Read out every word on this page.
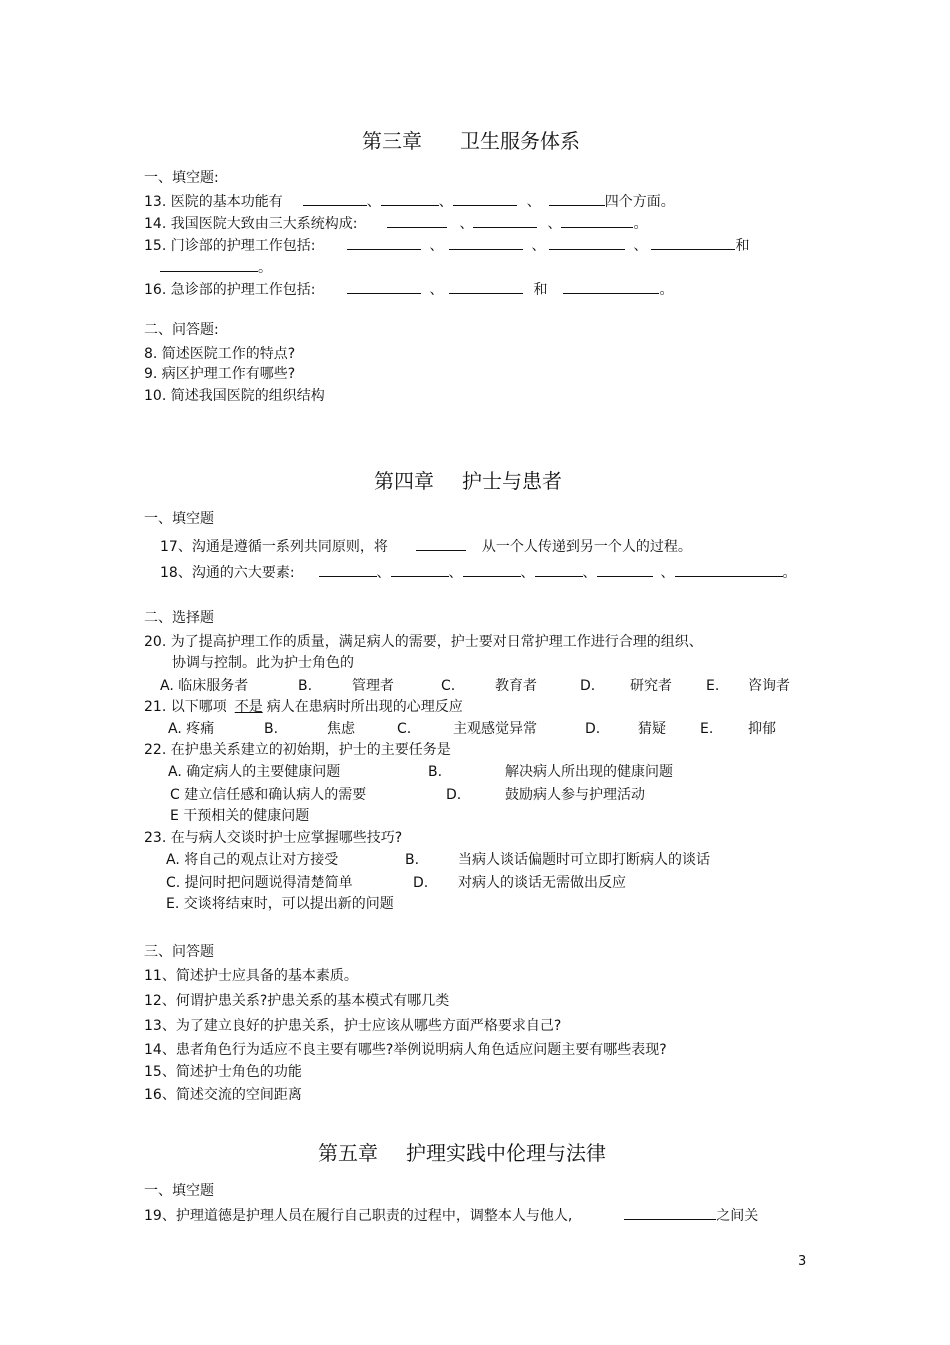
第三章 卫生服务体系
一、填空题:
13. 医院的基本功能有	、	、	、	四个方面。
14. 我国医院大致由三大系统构成:	、	、	。
15. 门诊部的护理工作包括:	、	、	、	和
。
16. 急诊部的护理工作包括:	、	和	。
二、问答题:
8. 简述医院工作的特点?
9. 病区护理工作有哪些?
10. 简述我国医院的组织结构
第四章 护士与患者
一、填空题
17、沟通是遵循一系列共同原则，将	从一个人传递到另一个人的过程。
18、沟通的六大要素:	、	、	、	、	、	。
二、选择题
20. 为了提高护理工作的质量，满足病人的需要，护士要对日常护理工作进行合理的组织、
协调与控制。此为护士角色的
A. 临床服务者	B.	管理者	C.	教育者	D. 研究者 E. 咨询者
21. 以下哪项 不是 病人在患病时所出现的心理反应
A. 疼痛	B.	焦虑	C.	主观感觉异常	D.	猜疑 E. 抑郁
22. 在护患关系建立的初始期，护士的主要任务是
A. 确定病人的主要健康问题	B.	解决病人所出现的健康问题
C 建立信任感和确认病人的需要	D.	鼓励病人参与护理活动
E 干预相关的健康问题
23. 在与病人交谈时护士应掌握哪些技巧?
A. 将自己的观点让对方接受	B.	当病人谈话偏题时可立即打断病人的谈话
C. 提问时把问题说得清楚简单	D. 对病人的谈话无需做出反应
E. 交谈将结束时，可以提出新的问题
三、问答题
11、简述护士应具备的基本素质。
12、何谓护患关系?护患关系的基本模式有哪几类
13、为了建立良好的护患关系，护士应该从哪些方面严格要求自己?
14、患者角色行为适应不良主要有哪些?举例说明病人角色适应问题主要有哪些表现?
15、简述护士角色的功能
16、简述交流的空间距离
第五章 护理实践中伦理与法律
一、填空题
19、护理道德是护理人员在履行自己职责的过程中，调整本人与他人,	之间关
3
